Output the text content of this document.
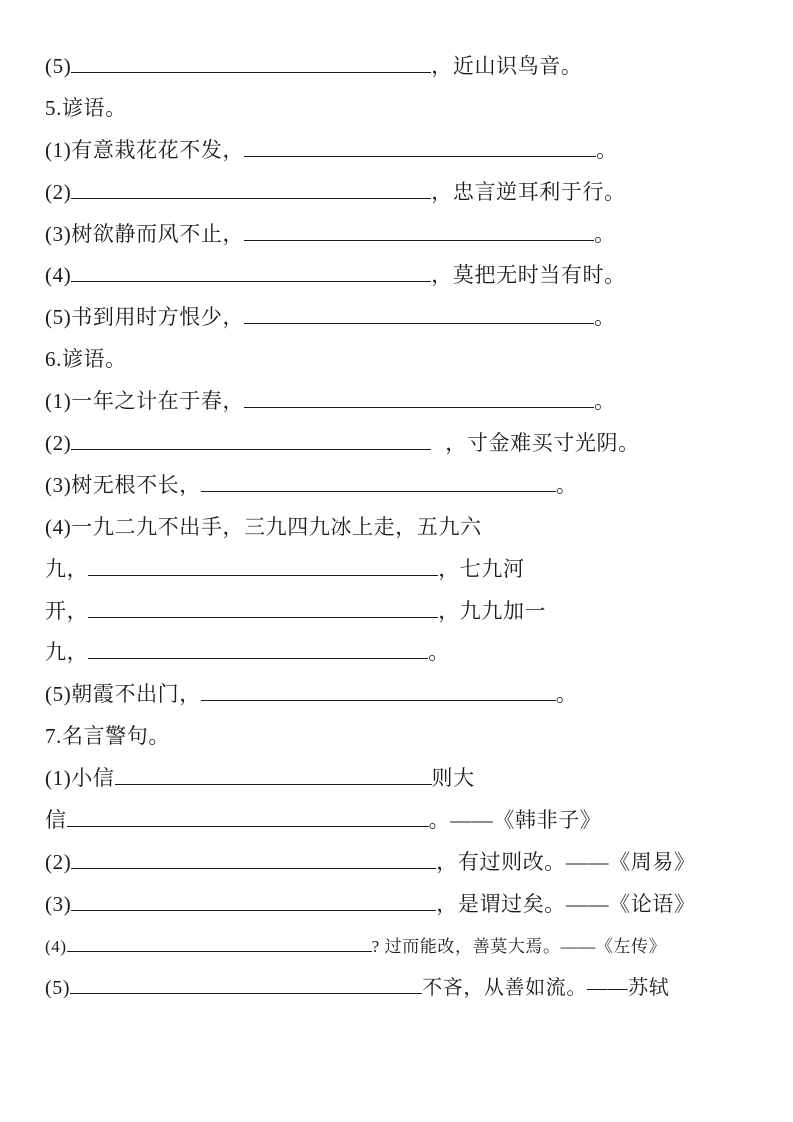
(5)	，近山识鸟音。
5.谚语。
(1)有意栽花花不发，	。
(2)	，忠言逆耳利于行。
(3)树欲静而风不止，	。
(4)	，莫把无时当有时。
(5)书到用时方恨少，	。
6.谚语。
(1)一年之计在于春，	。
(2)	，寸金难买寸光阴。
(3)树无根不长，	。
(4)一九二九不出手，三九四九冰上走，五九六
九，	，七九河
开，	，九九加一
九，	。
(5)朝霞不出门，	。
7.名言警句。
(1)小信	则大
信	。——《韩非子》
(2)	，有过则改。——《周易》
(3)	，是谓过矣。——《论语》
(4)	? 过而能改，善莫大焉。——《左传》
(5)	不吝，从善如流。——苏轼
